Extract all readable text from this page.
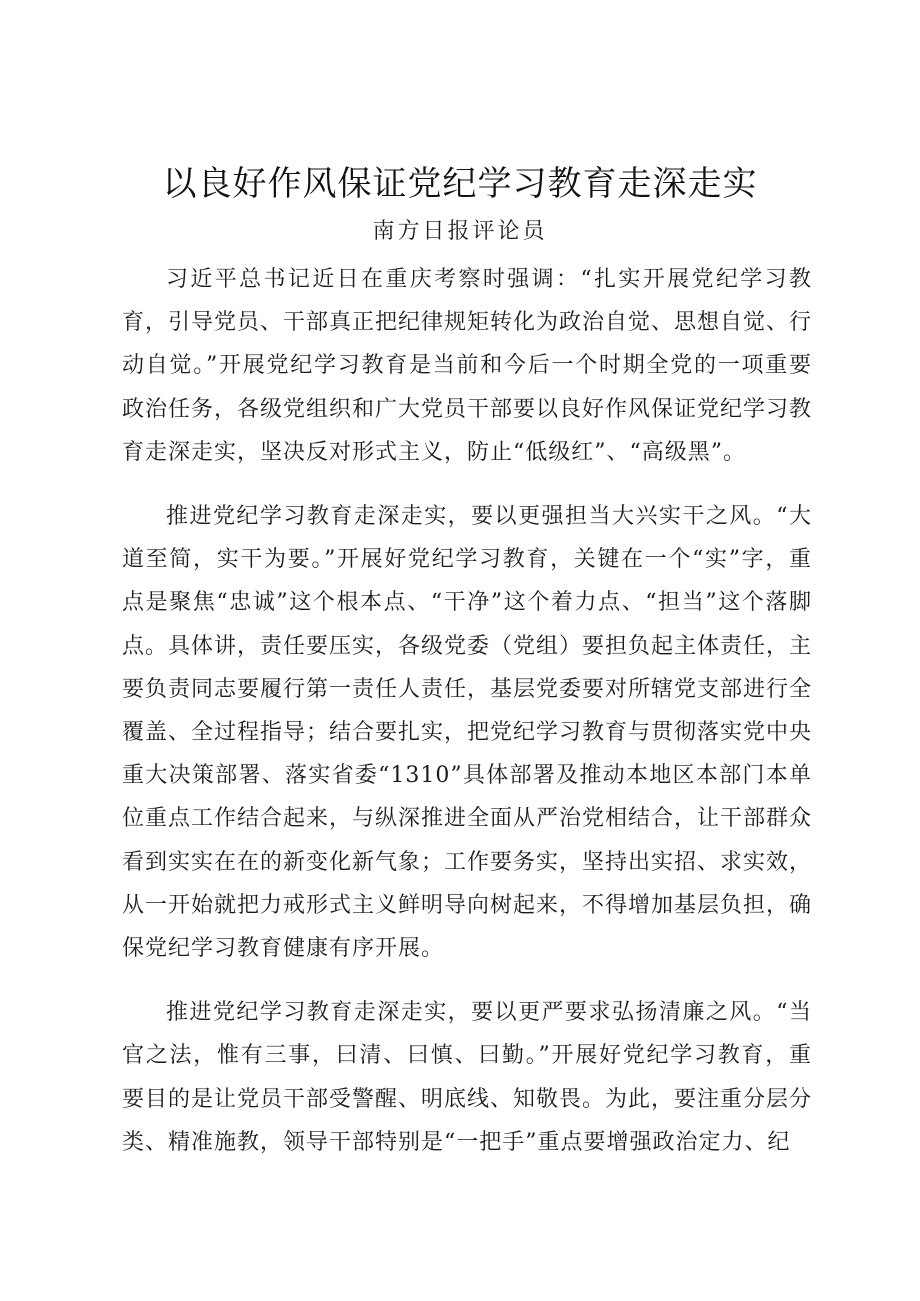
以良好作风保证党纪学习教育走深走实
南方日报评论员

习近平总书记近日在重庆考察时强调：“扎实开展党纪学习教育，引导党员、干部真正把纪律规矩转化为政治自觉、思想自觉、行动自觉。”开展党纪学习教育是当前和今后一个时期全党的一项重要政治任务，各级党组织和广大党员干部要以良好作风保证党纪学习教育走深走实，坚决反对形式主义，防止“低级红”、“高级黑”。

推进党纪学习教育走深走实，要以更强担当大兴实干之风。“大道至简，实干为要。”开展好党纪学习教育，关键在一个“实”字，重点是聚焦“忠诚”这个根本点、“干净”这个着力点、“担当”这个落脚点。具体讲，责任要压实，各级党委（党组）要担负起主体责任，主要负责同志要履行第一责任人责任，基层党委要对所辖党支部进行全覆盖、全过程指导；结合要扎实，把党纪学习教育与贯彻落实党中央重大决策部署、落实省委“1310”具体部署及推动本地区本部门本单位重点工作结合起来，与纵深推进全面从严治党相结合，让干部群众看到实实在在的新变化新气象；工作要务实，坚持出实招、求实效，从一开始就把力戒形式主义鲜明导向树起来，不得增加基层负担，确保党纪学习教育健康有序开展。

推进党纪学习教育走深走实，要以更严要求弘扬清廉之风。“当官之法，惟有三事，曰清、曰慎、曰勤。”开展好党纪学习教育，重要目的是让党员干部受警醒、明底线、知敬畏。为此，要注重分层分类、精准施教，领导干部特别是“一把手”重点要增强政治定力、纪
